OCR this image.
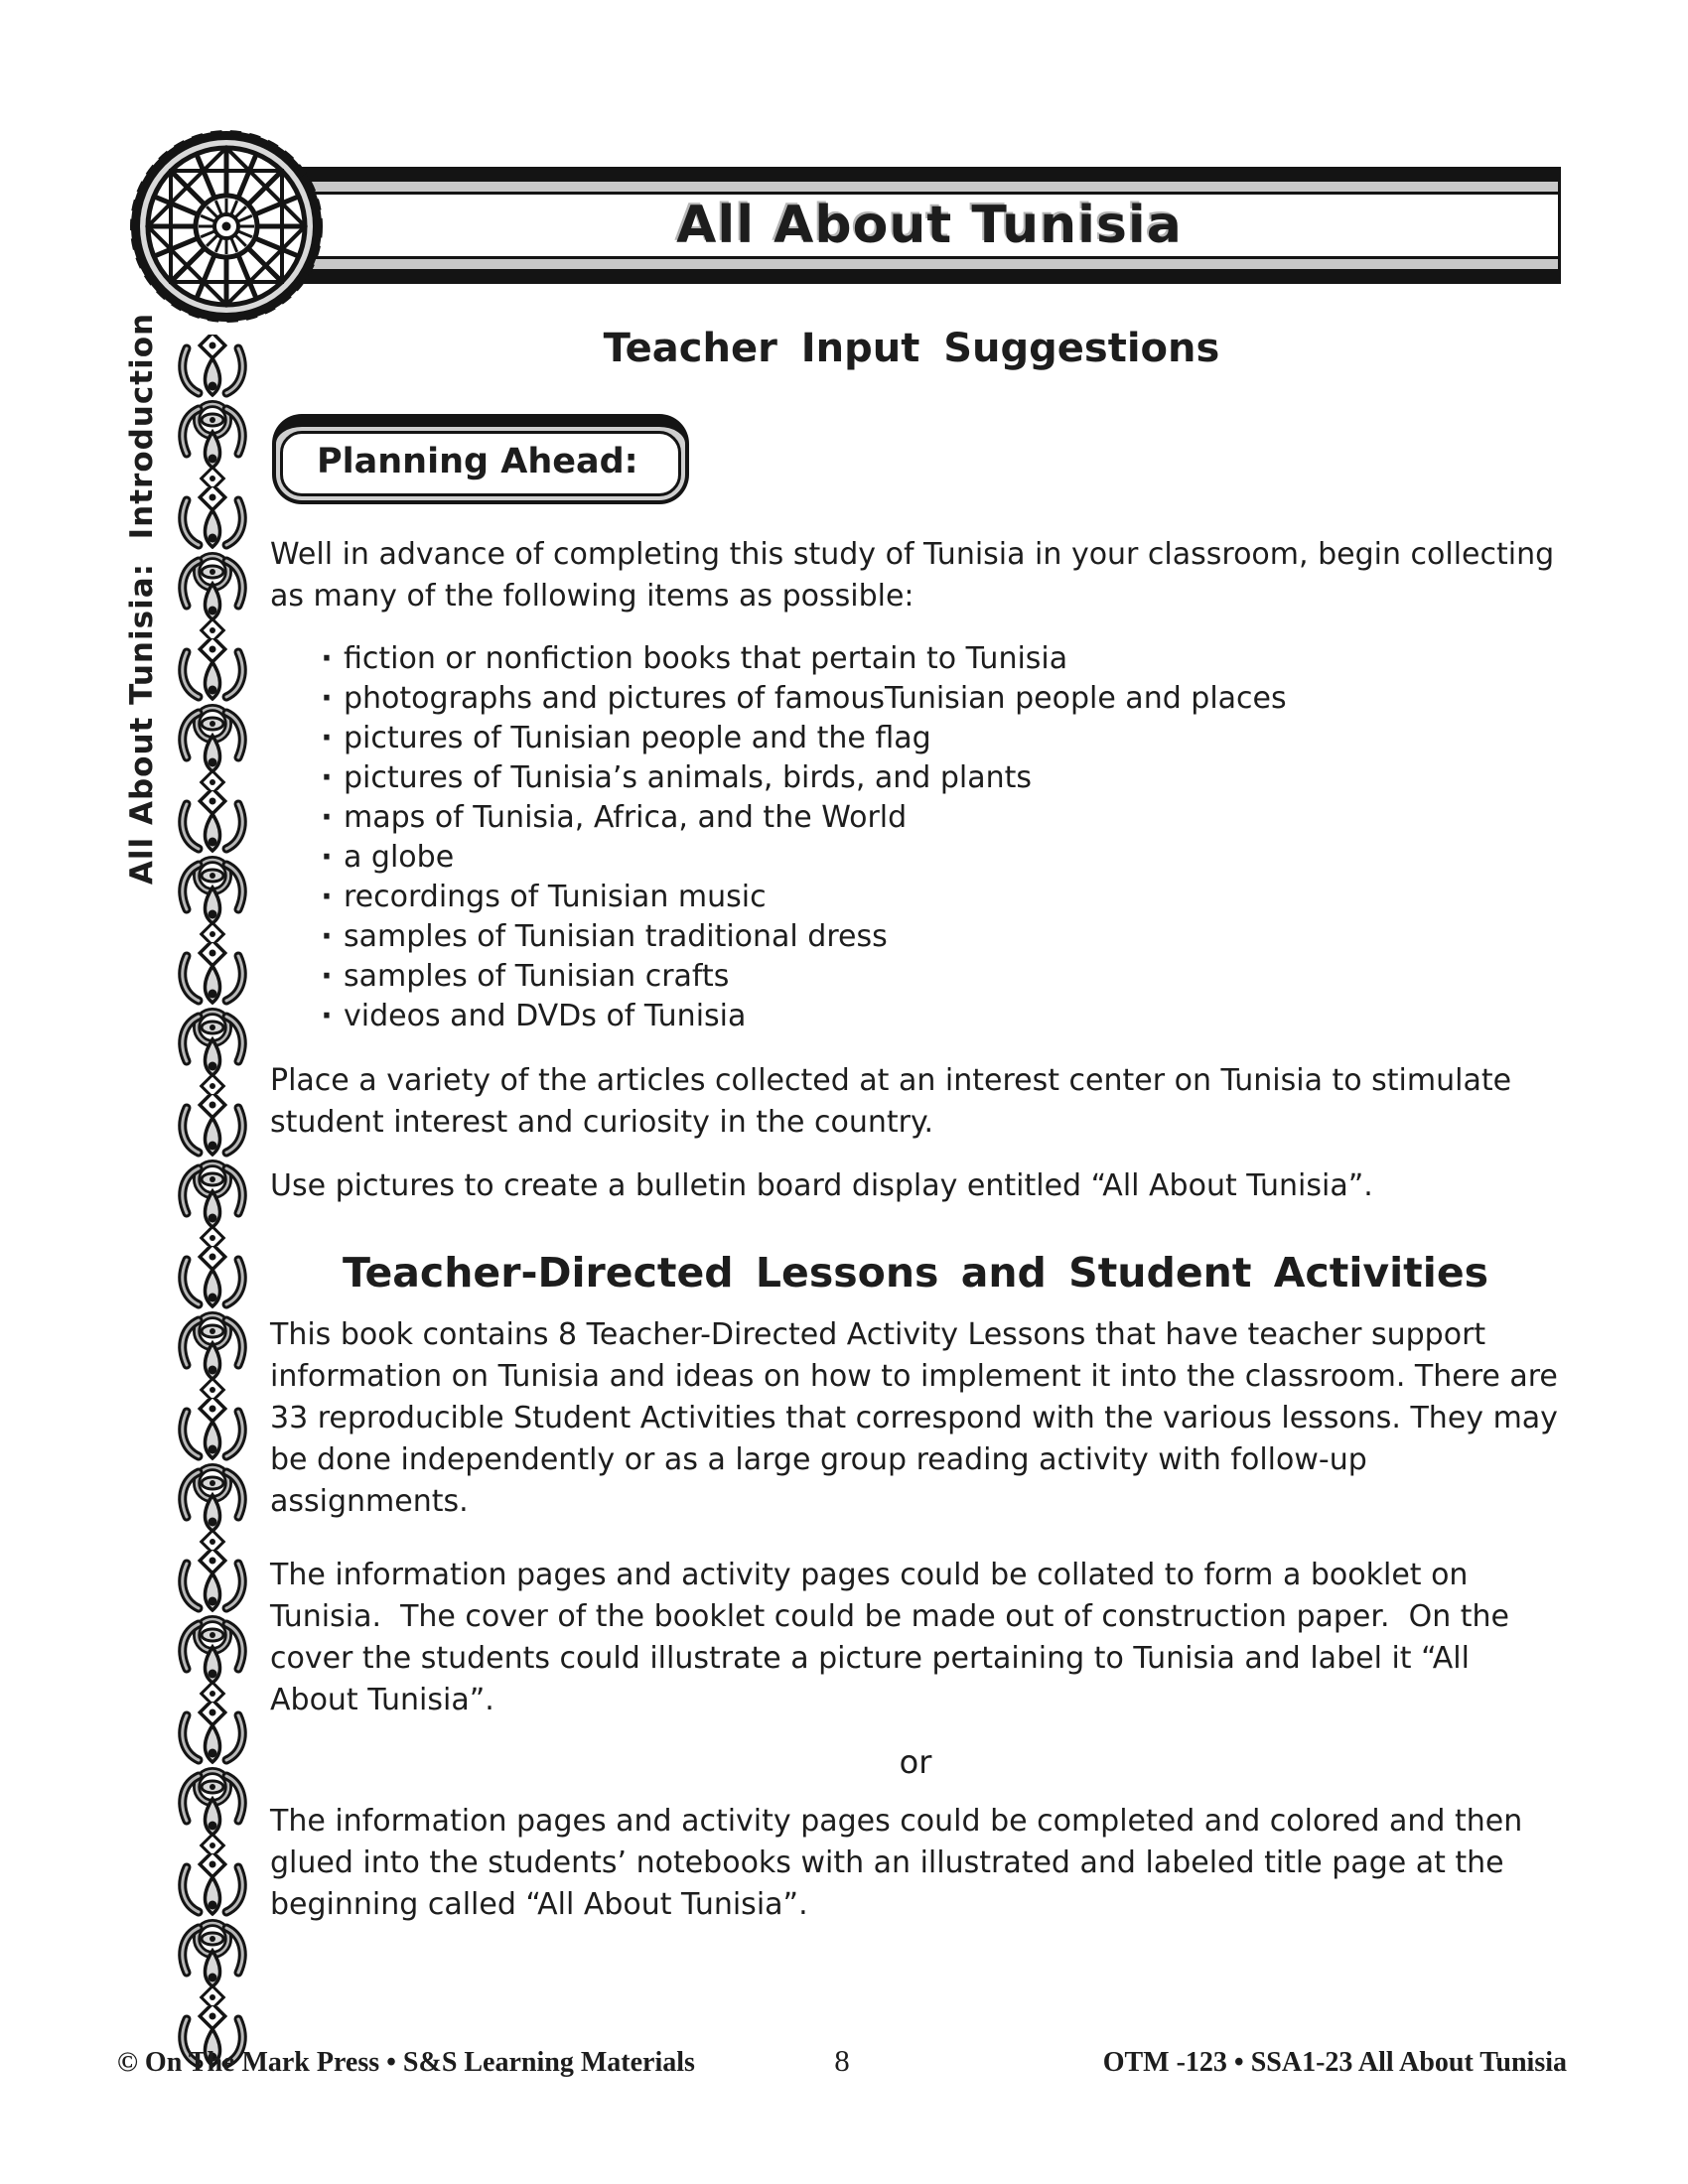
All About Tunisia
Teacher Input Suggestions
All About Tunisia:  Introduction	Planning Ahead:

Well in advance of completing this study of Tunisia in your classroom, begin collecting as many of the following items as possible:

· fiction or nonfiction books that pertain to Tunisia
· photographs and pictures of famousTunisian people and places
· pictures of Tunisian people and the flag
· pictures of Tunisia’s animals, birds, and plants
· maps of Tunisia, Africa, and the World
· a globe
· recordings of Tunisian music
· samples of Tunisian traditional dress
· samples of Tunisian crafts
· videos and DVDs of Tunisia

Place a variety of the articles collected at an interest center on Tunisia to stimulate student interest and curiosity in the country.

Use pictures to create a bulletin board display entitled “All About Tunisia”.

Teacher-Directed Lessons and Student Activities

This book contains 8 Teacher-Directed Activity Lessons that have teacher support information on Tunisia and ideas on how to implement it into the classroom. There are 33 reproducible Student Activities that correspond with the various lessons. They may be done independently or as a large group reading activity with follow-up assignments.

The information pages and activity pages could be collated to form a booklet on Tunisia.  The cover of the booklet could be made out of construction paper.  On the cover the students could illustrate a picture pertaining to Tunisia and label it “All About Tunisia”.

or

The information pages and activity pages could be completed and colored and then glued into the students’ notebooks with an illustrated and labeled title page at the beginning called “All About Tunisia”.

© On The Mark Press • S&S Learning Materials	8	OTM -123 • SSA1-23 All About Tunisia
